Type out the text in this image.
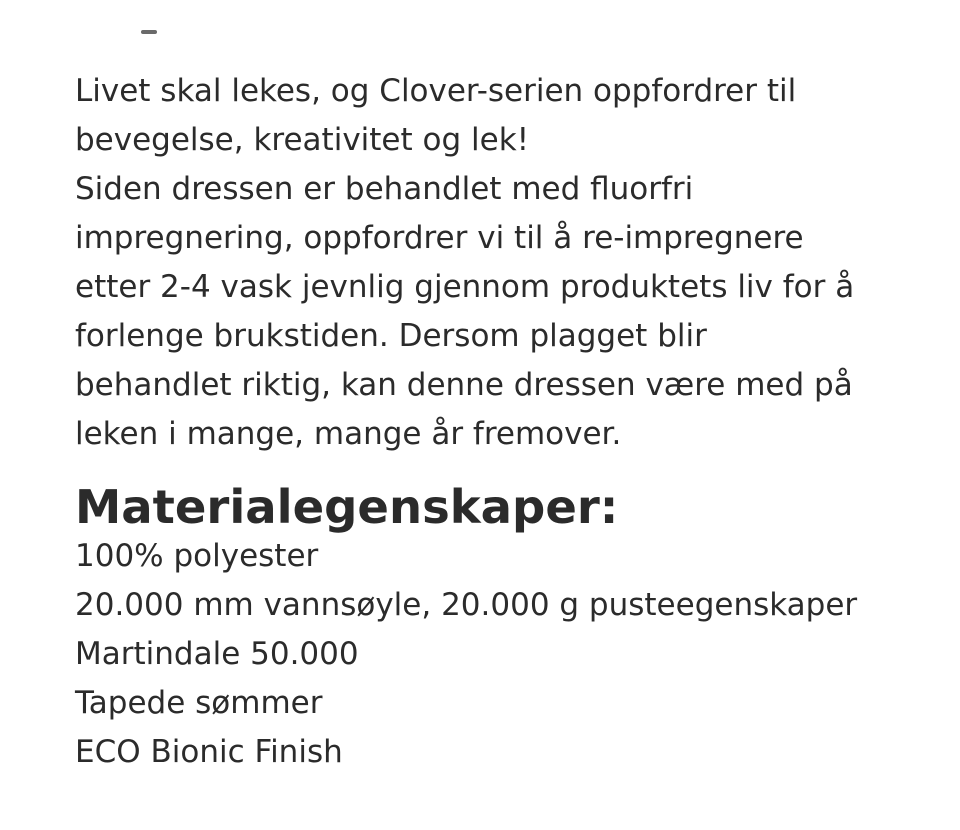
Livet skal lekes, og Clover-serien oppfordrer til
bevegelse, kreativitet og lek!
Siden dressen er behandlet med fluorfri
impregnering, oppfordrer vi til å re-impregnere
etter 2-4 vask jevnlig gjennom produktets liv for å
forlenge brukstiden. Dersom plagget blir
behandlet riktig, kan denne dressen være med på
leken i mange, mange år fremover.

Materialegenskaper:
100% polyester
20.000 mm vannsøyle, 20.000 g pusteegenskaper
Martindale 50.000
Tapede sømmer
ECO Bionic Finish
